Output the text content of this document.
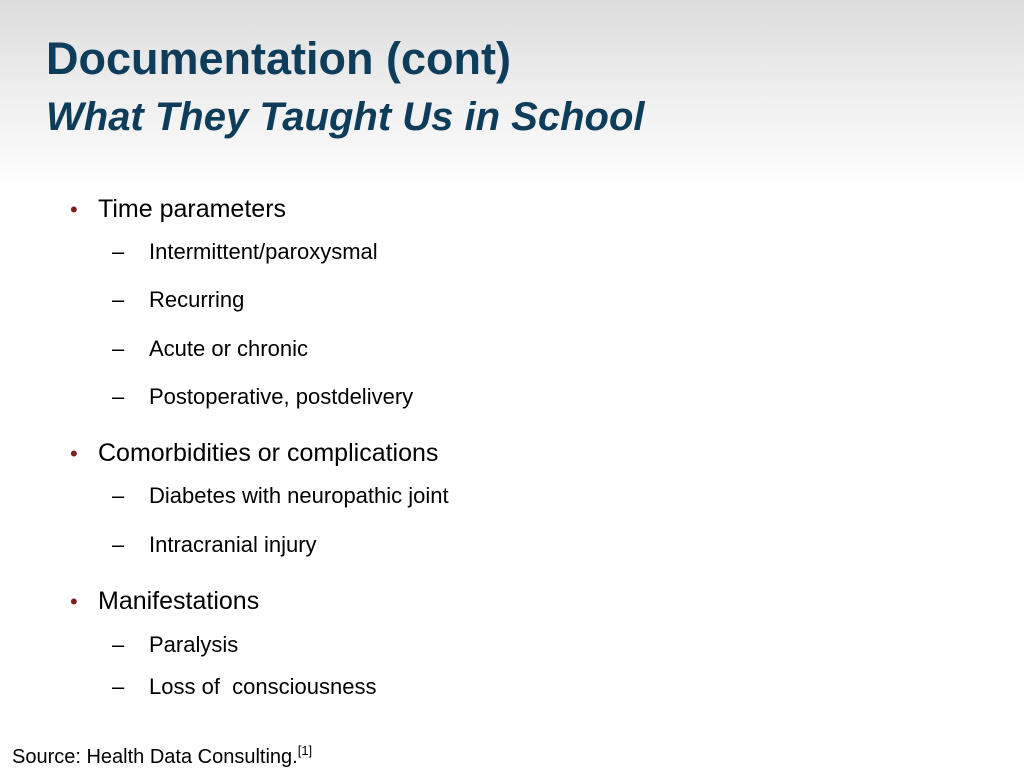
Documentation (cont)
What They Taught Us in School
• Time parameters
– Intermittent/paroxysmal
– Recurring
– Acute or chronic
– Postoperative, postdelivery
• Comorbidities or complications
– Diabetes with neuropathic joint
– Intracranial injury
• Manifestations
– Paralysis
– Loss of  consciousness
Source: Health Data Consulting.[1]
